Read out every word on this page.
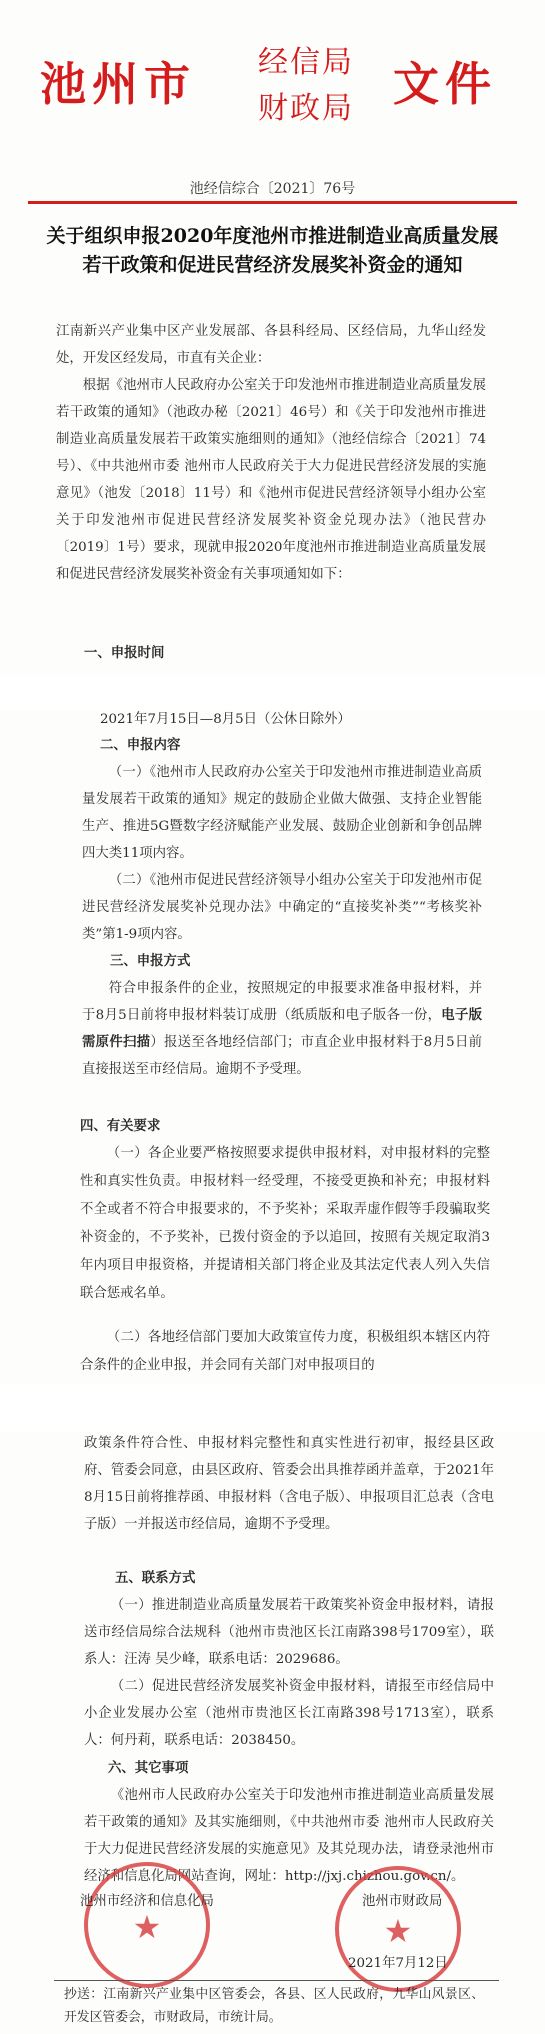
池州市 经信局
财政局 文件
池经信综合〔2021〕76号
关于组织申报2020年度池州市推进制造业高质量发展若干政策和促进民营经济发展奖补资金的通知
江南新兴产业集中区产业发展部、各县科经局、区经信局，九华山经发处，开发区经发局，市直有关企业：
根据《池州市人民政府办公室关于印发池州市推进制造业高质量发展若干政策的通知》（池政办秘〔2021〕46号）和《关于印发池州市推进制造业高质量发展若干政策实施细则的通知》（池经信综合〔2021〕74号）、《中共池州市委 池州市人民政府关于大力促进民营经济发展的实施意见》（池发〔2018〕11号）和《池州市促进民营经济领导小组办公室关于印发池州市促进民营经济发展奖补资金兑现办法》（池民营办〔2019〕1号）要求，现就申报2020年度池州市推进制造业高质量发展和促进民营经济发展奖补资金有关事项通知如下：
一、申报时间
2021年7月15日—8月5日（公休日除外）
二、申报内容
（一）《池州市人民政府办公室关于印发池州市推进制造业高质量发展若干政策的通知》规定的鼓励企业做大做强、支持企业智能生产、推进5G暨数字经济赋能产业发展、鼓励企业创新和争创品牌四大类11项内容。
（二）《池州市促进民营经济领导小组办公室关于印发池州市促进民营经济发展奖补兑现办法》中确定的“直接奖补类”“考核奖补类”第1-9项内容。
三、申报方式
符合申报条件的企业，按照规定的申报要求准备申报材料，并于8月5日前将申报材料装订成册（纸质版和电子版各一份，电子版需原件扫描）报送至各地经信部门；市直企业申报材料于8月5日前直接报送至市经信局。逾期不予受理。
四、有关要求
（一）各企业要严格按照要求提供申报材料，对申报材料的完整性和真实性负责。申报材料一经受理，不接受更换和补充；申报材料不全或者不符合申报要求的，不予奖补；采取弄虚作假等手段骗取奖补资金的，不予奖补，已拨付资金的予以追回，按照有关规定取消3年内项目申报资格，并提请相关部门将企业及其法定代表人列入失信联合惩戒名单。
（二）各地经信部门要加大政策宣传力度，积极组织本辖区内符合条件的企业申报，并会同有关部门对申报项目的
政策条件符合性、申报材料完整性和真实性进行初审，报经县区政府、管委会同意，由县区政府、管委会出具推荐函并盖章，于2021年8月15日前将推荐函、申报材料（含电子版）、申报项目汇总表（含电子版）一并报送市经信局，逾期不予受理。
五、联系方式
（一）推进制造业高质量发展若干政策奖补资金申报材料，请报送市经信局综合法规科（池州市贵池区长江南路398号1709室），联系人：汪涛 吴少峰，联系电话：2029686。
（二）促进民营经济发展奖补资金申报材料，请报至市经信局中小企业发展办公室（池州市贵池区长江南路398号1713室），联系人：何丹莉，联系电话：2038450。
六、其它事项
《池州市人民政府办公室关于印发池州市推进制造业高质量发展若干政策的通知》及其实施细则，《中共池州市委 池州市人民政府关于大力促进民营经济发展的实施意见》及其兑现办法，请登录池州市经济和信息化局网站查询，网址：http://jxj.chizhou.gov.cn/。
★	★
池州市经济和信息化局	池州市财政局
2021年7月12日
抄送：江南新兴产业集中区管委会，各县、区人民政府，九华山风景区、开发区管委会，市财政局，市统计局。
